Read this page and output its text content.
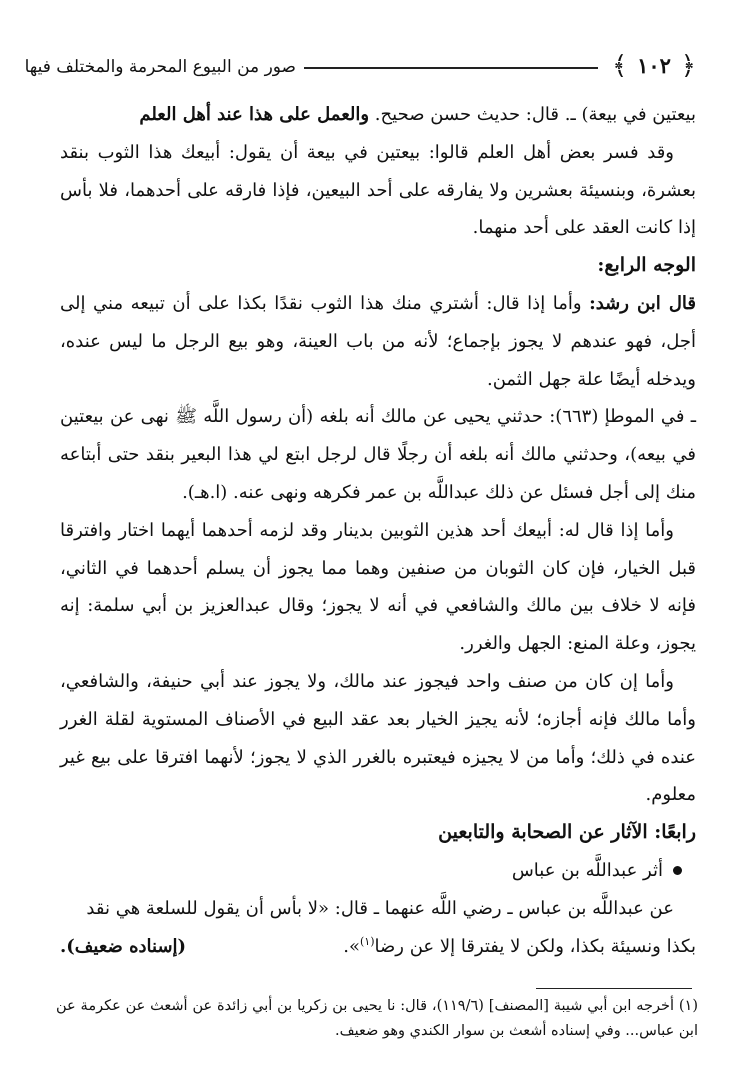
﴿
١٠٢
﴾
صور من البيوع المحرمة والمختلف فيها

بيعتين في بيعة) ـ. قال: حديث حسن صحيح. والعمل على هذا عند أهل العلم

وقد فسر بعض أهل العلم قالوا: بيعتين في بيعة أن يقول: أبيعك هذا الثوب بنقد بعشرة، وبنسيئة بعشرين ولا يفارقه على أحد البيعين، فإذا فارقه على أحدهما، فلا بأس إذا كانت العقد على أحد منهما.

الوجه الرابع:

قال ابن رشد: وأما إذا قال: أشتري منك هذا الثوب نقدًا بكذا على أن تبيعه مني إلى أجل، فهو عندهم لا يجوز بإجماع؛ لأنه من باب العينة، وهو بيع الرجل ما ليس عنده، ويدخله أيضًا علة جهل الثمن.

ـ في الموطإ (٦٦٣): حدثني يحيى عن مالك أنه بلغه (أن رسول اللَّه ﷺ نهى عن بيعتين في بيعه)، وحدثني مالك أنه بلغه أن رجلًا قال لرجل ابتع لي هذا البعير بنقد حتى أبتاعه منك إلى أجل فسئل عن ذلك عبداللَّه بن عمر فكرهه ونهى عنه. (ا.هـ).

وأما إذا قال له: أبيعك أحد هذين الثوبين بدينار وقد لزمه أحدهما أيهما اختار وافترقا قبل الخيار، فإن كان الثوبان من صنفين وهما مما يجوز أن يسلم أحدهما في الثاني، فإنه لا خلاف بين مالك والشافعي في أنه لا يجوز؛ وقال عبدالعزيز بن أبي سلمة: إنه يجوز، وعلة المنع: الجهل والغرر.

وأما إن كان من صنف واحد فيجوز عند مالك، ولا يجوز عند أبي حنيفة، والشافعي، وأما مالك فإنه أجازه؛ لأنه يجيز الخيار بعد عقد البيع في الأصناف المستوية لقلة الغرر عنده في ذلك؛ وأما من لا يجيزه فيعتبره بالغرر الذي لا يجوز؛ لأنهما افترقا على بيع غير معلوم.

رابعًا: الآثار عن الصحابة والتابعين

أثر عبداللَّه بن عباس

عن عبداللَّه بن عباس ـ رضي اللَّه عنهما ـ قال: «لا بأس أن يقول للسلعة هي نقد

بكذا ونسيئة بكذا، ولكن لا يفترقا إلا عن رضا$^{(١)}$».
(إسناده ضعيف).

(١) أخرجه ابن أبي شيبة [المصنف] (١١٩/٦)، قال: نا يحيى بن زكريا بن أبي زائدة عن أشعث عن عكرمة عن ابن عباس... وفي إسناده أشعث بن سوار الكندي وهو ضعيف.
